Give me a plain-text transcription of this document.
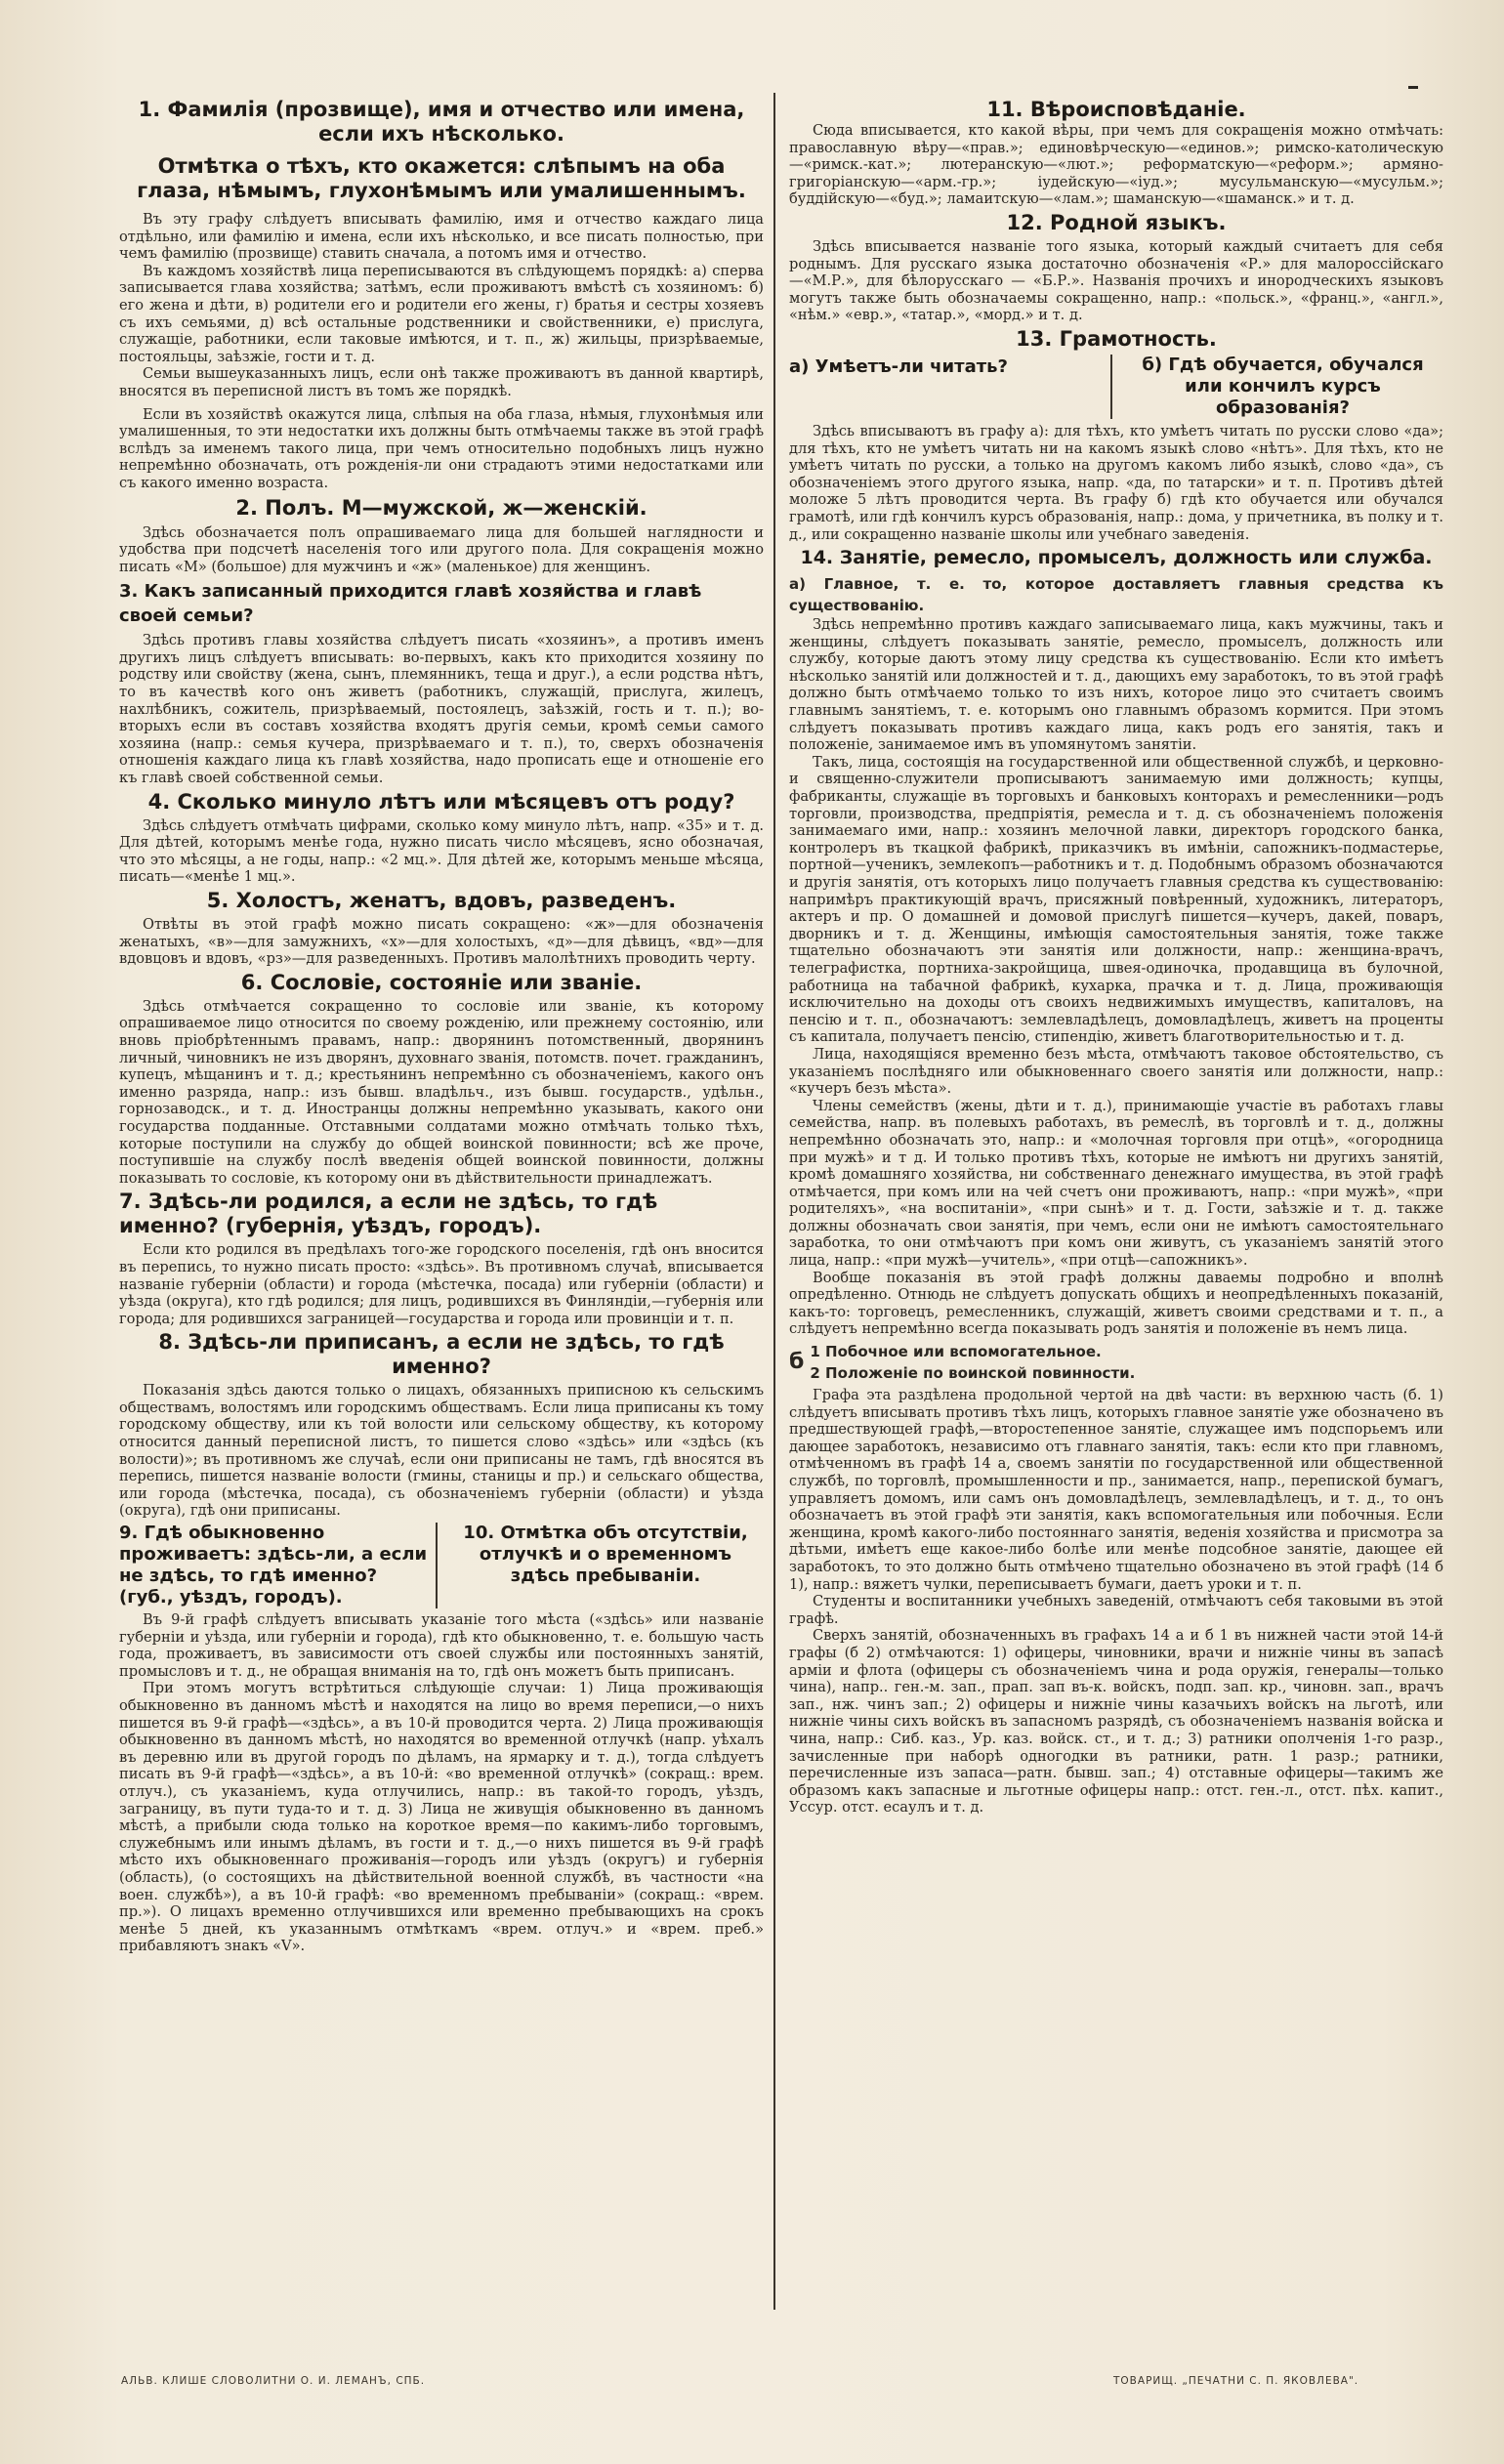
1. Фамилія (прозвище), имя и отчество или имена, если ихъ нѣсколько.
Отмѣтка о тѣхъ, кто окажется: слѣпымъ на оба глаза, нѣмымъ, глухонѣмымъ или умалишеннымъ.

Въ эту графу слѣдуетъ вписывать фамилію, имя и отчество каждаго лица отдѣльно, или фамилію и имена, если ихъ нѣсколько, и все писать полностью, при чемъ фамилію (прозвище) ставить сначала, а потомъ имя и отчество.

Въ каждомъ хозяйствѣ лица переписываются въ слѣдующемъ порядкѣ: а) сперва записывается глава хозяйства; затѣмъ, если проживаютъ вмѣстѣ съ хозяиномъ: б) его жена и дѣти, в) родители его и родители его жены, г) братья и сестры хозяевъ съ ихъ семьями, д) всѣ остальные родственники и свойственники, е) прислуга, служащіе, работники, если таковые имѣются, и т. п., ж) жильцы, призрѣваемые, постояльцы, заѣзжіе, гости и т. д.

Семьи вышеуказанныхъ лицъ, если онѣ также проживаютъ въ данной квартирѣ, вносятся въ переписной листъ въ томъ же порядкѣ.

Если въ хозяйствѣ окажутся лица, слѣпыя на оба глаза, нѣмыя, глухонѣмыя или умалишенныя, то эти недостатки ихъ должны быть отмѣчаемы также въ этой графѣ вслѣдъ за именемъ такого лица, при чемъ относительно подобныхъ лицъ нужно непремѣнно обозначать, отъ рожденія-ли они страдаютъ этими недостатками или съ какого именно возраста.

2. Полъ. М—мужской, ж—женскій.

Здѣсь обозначается полъ опрашиваемаго лица для большей наглядности и удобства при подсчетѣ населенія того или другого пола. Для сокращенія можно писать «М» (большое) для мужчинъ и «ж» (маленькое) для женщинъ.

3. Какъ записанный приходится главѣ хозяйства и главѣ своей семьи?

Здѣсь противъ главы хозяйства слѣдуетъ писать «хозяинъ», а противъ именъ другихъ лицъ слѣдуетъ вписывать: во-первыхъ, какъ кто приходится хозяину по родству или свойству (жена, сынъ, племянникъ, теща и друг.), а если родства нѣтъ, то въ качествѣ кого онъ живетъ (работникъ, служащій, прислуга, жилецъ, нахлѣбникъ, сожитель, призрѣваемый, постоялецъ, заѣзжій, гость и т. п.); во-вторыхъ если въ составъ хозяйства входятъ другія семьи, кромѣ семьи самого хозяина (напр.: семья кучера, призрѣваемаго и т. п.), то, сверхъ обозначенія отношенія каждаго лица къ главѣ хозяйства, надо прописать еще и отношеніе его къ главѣ своей собственной семьи.

4. Сколько минуло лѣтъ или мѣсяцевъ отъ роду?

Здѣсь слѣдуетъ отмѣчать цифрами, сколько кому минуло лѣтъ, напр. «35» и т. д. Для дѣтей, которымъ менѣе года, нужно писать число мѣсяцевъ, ясно обозначая, что это мѣсяцы, а не годы, напр.: «2 мц.». Для дѣтей же, которымъ меньше мѣсяца, писать—«менѣе 1 мц.».

5. Холостъ, женатъ, вдовъ, разведенъ.

Отвѣты въ этой графѣ можно писать сокращено: «ж»—для обозначенія женатыхъ, «в»—для замужнихъ, «х»—для холостыхъ, «д»—для дѣвицъ, «вд»—для вдовцовъ и вдовъ, «рз»—для разведенныхъ. Противъ малолѣтнихъ проводить черту.

6. Сословіе, состояніе или званіе.

Здѣсь отмѣчается сокращенно то сословіе или званіе, къ которому опрашиваемое лицо относится по своему рожденію, или прежнему состоянію, или вновь пріобрѣтеннымъ правамъ, напр.: дворянинъ потомственный, дворянинъ личный, чиновникъ не изъ дворянъ, духовнаго званія, потомств. почет. гражданинъ, купецъ, мѣщанинъ и т. д.; крестьянинъ непремѣнно съ обозначеніемъ, какого онъ именно разряда, напр.: изъ бывш. владѣльч., изъ бывш. государств., удѣльн., горнозаводск., и т. д. Иностранцы должны непремѣнно указывать, какого они государства подданные. Отставными солдатами можно отмѣчать только тѣхъ, которые поступили на службу до общей воинской повинности; всѣ же проче, поступившіе на службу послѣ введенія общей воинской повинности, должны показывать то сословіе, къ которому они въ дѣйствительности принадлежатъ.

7. Здѣсь-ли родился, а если не здѣсь, то гдѣ именно? (губернія, уѣздъ, городъ).

Если кто родился въ предѣлахъ того-же городского поселенія, гдѣ онъ вносится въ перепись, то нужно писать просто: «здѣсь». Въ противномъ случаѣ, вписывается названіе губерніи (области) и города (мѣстечка, посада) или губерніи (области) и уѣзда (округа), кто гдѣ родился; для лицъ, родившихся въ Финляндіи,—губернія или города; для родившихся заграницей—государства и города или провинціи и т. п.

8. Здѣсь-ли приписанъ, а если не здѣсь, то гдѣ именно?

Показанія здѣсь даются только о лицахъ, обязанныхъ приписною къ сельскимъ обществамъ, волостямъ или городскимъ обществамъ. Если лица приписаны къ тому городскому обществу, или къ той волости или сельскому обществу, къ которому относится данный переписной листъ, то пишется слово «здѣсь» или «здѣсь (къ волости)»; въ противномъ же случаѣ, если они приписаны не тамъ, гдѣ вносятся въ перепись, пишется названіе волости (гмины, станицы и пр.) и сельскаго общества, или города (мѣстечка, посада), съ обозначеніемъ губерніи (области) и уѣзда (округа), гдѣ они приписаны.

9. Гдѣ обыкновенно проживаетъ: здѣсь-ли, а если не здѣсь, то гдѣ именно? (губ., уѣздъ, городъ).
10. Отмѣтка объ отсутствіи, отлучкѣ и о временномъ здѣсь пребываніи.

Въ 9-й графѣ слѣдуетъ вписывать указаніе того мѣста («здѣсь» или названіе губерніи и уѣзда, или губерніи и города), гдѣ кто обыкновенно, т. е. большую часть года, проживаетъ, въ зависимости отъ своей службы или постоянныхъ занятій, промысловъ и т. д., не обращая вниманія на то, гдѣ онъ можетъ быть приписанъ.

При этомъ могутъ встрѣтиться слѣдующіе случаи: 1) Лица проживающія обыкновенно въ данномъ мѣстѣ и находятся на лицо во время переписи,—о нихъ пишется въ 9-й графѣ—«здѣсь», а въ 10-й проводится черта. 2) Лица проживающія обыкновенно въ данномъ мѣстѣ, но находятся во временной отлучкѣ (напр. уѣхалъ въ деревню или въ другой городъ по дѣламъ, на ярмарку и т. д.), тогда слѣдуетъ писать въ 9-й графѣ—«здѣсь», а въ 10-й: «во временной отлучкѣ» (сокращ.: врем. отлуч.), съ указаніемъ, куда отлучились, напр.: въ такой-то городъ, уѣздъ, заграницу, въ пути туда-то и т. д. 3) Лица не живущія обыкновенно въ данномъ мѣстѣ, а прибыли сюда только на короткое время—по какимъ-либо торговымъ, служебнымъ или инымъ дѣламъ, въ гости и т. д.,—о нихъ пишется въ 9-й графѣ мѣсто ихъ обыкновеннаго проживанія—городъ или уѣздъ (округъ) и губернія (область), (о состоящихъ на дѣйствительной военной службѣ, въ частности «на воен. службѣ»), а въ 10-й графѣ: «во временномъ пребываніи» (сокращ.: «врем. пр.»). О лицахъ временно отлучившихся или временно пребывающихъ на срокъ менѣе 5 дней, къ указаннымъ отмѣткамъ «врем. отлуч.» и «врем. преб.» прибавляютъ знакъ «V».

11. Вѣроисповѣданіе.

Сюда вписывается, кто какой вѣры, при чемъ для сокращенія можно отмѣчать: православную вѣру—«прав.»; единовѣрческую—«единов.»; римско-католическую—«римск.-кат.»; лютеранскую—«лют.»; реформатскую—«реформ.»; армяно-григоріанскую—«арм.-гр.»; іудейскую—«іуд.»; мусульманскую—«мусульм.»; буддійскую—«буд.»; ламаитскую—«лам.»; шаманскую—«шаманск.» и т. д.

12. Родной языкъ.

Здѣсь вписывается названіе того языка, который каждый считаетъ для себя роднымъ. Для русскаго языка достаточно обозначенія «Р.» для малороссійскаго—«М.Р.», для бѣлорусскаго — «Б.Р.». Названія прочихъ и инородческихъ языковъ могутъ также быть обозначаемы сокращенно, напр.: «польск.», «франц.», «англ.», «нѣм.» «евр.», «татар.», «морд.» и т. д.

13. Грамотность.
а) Умѣетъ-ли читать?	б) Гдѣ обучается, обучался или кончилъ курсъ образованія?

Здѣсь вписываютъ въ графу а): для тѣхъ, кто умѣетъ читать по русски слово «да»; для тѣхъ, кто не умѣетъ читать ни на какомъ языкѣ слово «нѣтъ». Для тѣхъ, кто не умѣетъ читать по русски, а только на другомъ какомъ либо языкѣ, слово «да», съ обозначеніемъ этого другого языка, напр. «да, по татарски» и т. п. Противъ дѣтей моложе 5 лѣтъ проводится черта. Въ графу б) гдѣ кто обучается или обучался грамотѣ, или гдѣ кончилъ курсъ образованія, напр.: дома, у причетника, въ полку и т. д., или сокращенно названіе школы или учебнаго заведенія.

14. Занятіе, ремесло, промыселъ, должность или служба.

а) Главное, т. е. то, которое доставляетъ главныя средства къ существованію.

Здѣсь непремѣнно противъ каждаго записываемаго лица, какъ мужчины, такъ и женщины, слѣдуетъ показывать занятіе, ремесло, промыселъ, должность или службу, которые даютъ этому лицу средства къ существованію. Если кто имѣетъ нѣсколько занятій или должностей и т. д., дающихъ ему заработокъ, то въ этой графѣ должно быть отмѣчаемо только то изъ нихъ, которое лицо это считаетъ своимъ главнымъ занятіемъ, т. е. которымъ оно главнымъ образомъ кормится. При этомъ слѣдуетъ показывать противъ каждаго лица, какъ родъ его занятія, такъ и положеніе, занимаемое имъ въ упомянутомъ занятіи.

Такъ, лица, состоящія на государственной или общественной службѣ, и церковно-и священно-служители прописываютъ занимаемую ими должность; купцы, фабриканты, служащіе въ торговыхъ и банковыхъ конторахъ и ремесленники—родъ торговли, производства, предпріятія, ремесла и т. д. съ обозначеніемъ положенія занимаемаго ими, напр.: хозяинъ мелочной лавки, директоръ городского банка, контролеръ въ ткацкой фабрикѣ, приказчикъ въ имѣніи, сапожникъ-подмастерье, портной—ученикъ, землекопъ—работникъ и т. д. Подобнымъ образомъ обозначаются и другія занятія, отъ которыхъ лицо получаетъ главныя средства къ существованію: напримѣръ практикующій врачъ, присяжный повѣренный, художникъ, литераторъ, актеръ и пр. О домашней и домовой прислугѣ пишется—кучеръ, дакей, поваръ, дворникъ и т. д. Женщины, имѣющія самостоятельныя занятія, тоже также тщательно обозначаютъ эти занятія или должности, напр.: женщина-врачъ, телеграфистка, портниха-закройщица, швея-одиночка, продавщица въ булочной, работница на табачной фабрикѣ, кухарка, прачка и т. д. Лица, проживающія исключительно на доходы отъ своихъ недвижимыхъ имуществъ, капиталовъ, на пенсію и т. п., обозначаютъ: землевладѣлецъ, домовладѣлецъ, живетъ на проценты съ капитала, получаетъ пенсію, стипендію, живетъ благотворительностью и т. д.

Лица, находящіяся временно безъ мѣста, отмѣчаютъ таковое обстоятельство, съ указаніемъ послѣдняго или обыкновеннаго своего занятія или должности, напр.: «кучеръ безъ мѣста».

Члены семействъ (жены, дѣти и т. д.), принимающіе участіе въ работахъ главы семейства, напр. въ полевыхъ работахъ, въ ремеслѣ, въ торговлѣ и т. д., должны непремѣнно обозначать это, напр.: и «молочная торговля при отцѣ», «огородница при мужѣ» и т д. И только противъ тѣхъ, которые не имѣютъ ни другихъ занятій, кромѣ домашняго хозяйства, ни собственнаго денежнаго имущества, въ этой графѣ отмѣчается, при комъ или на чей счетъ они проживаютъ, напр.: «при мужѣ», «при родителяхъ», «на воспитаніи», «при сынѣ» и т. д. Гости, заѣзжіе и т. д. также должны обозначать свои занятія, при чемъ, если они не имѣютъ самостоятельнаго заработка, то они отмѣчаютъ при комъ они живутъ, съ указаніемъ занятій этого лица, напр.: «при мужѣ—учитель», «при отцѣ—сапожникъ».

Вообще показанія въ этой графѣ должны даваемы подробно и вполнѣ опредѣленно. Отнюдь не слѣдуетъ допускать общихъ и неопредѣленныхъ показаній, какъ-то: торговецъ, ремесленникъ, служащій, живетъ своими средствами и т. п., а слѣдуетъ непремѣнно всегда показывать родъ занятія и положеніе въ немъ лица.

б 1 Побочное или вспомогательное.
2 Положеніе по воинской повинности.

Графа эта раздѣлена продольной чертой на двѣ части: въ верхнюю часть (б. 1) слѣдуетъ вписывать противъ тѣхъ лицъ, которыхъ главное занятіе уже обозначено въ предшествующей графѣ,—второстепенное занятіе, служащее имъ подспорьемъ или дающее заработокъ, независимо отъ главнаго занятія, такъ: если кто при главномъ, отмѣченномъ въ графѣ 14 а, своемъ занятіи по государственной или общественной службѣ, по торговлѣ, промышленности и пр., занимается, напр., перепиской бумагъ, управляетъ домомъ, или самъ онъ домовладѣлецъ, землевладѣлецъ, и т. д., то онъ обозначаетъ въ этой графѣ эти занятія, какъ вспомогательныя или побочныя. Если женщина, кромѣ какого-либо постояннаго занятія, веденія хозяйства и присмотра за дѣтьми, имѣетъ еще какое-либо болѣе или менѣе подсобное занятіе, дающее ей заработокъ, то это должно быть отмѣчено тщательно обозначено въ этой графѣ (14 б 1), напр.: вяжетъ чулки, переписываетъ бумаги, даетъ уроки и т. п.

Студенты и воспитанники учебныхъ заведеній, отмѣчаютъ себя таковыми въ этой графѣ.

Сверхъ занятій, обозначенныхъ въ графахъ 14 а и б 1 въ нижней части этой 14-й графы (б 2) отмѣчаются: 1) офицеры, чиновники, врачи и нижніе чины въ запасѣ арміи и флота (офицеры съ обозначеніемъ чина и рода оружія, генералы—только чина), напр.. ген.-м. зап., прап. зап въ-к. войскъ, подп. зап. кр., чиновн. зап., врачъ зап., нж. чинъ зап.; 2) офицеры и нижніе чины казачьихъ войскъ на льготѣ, или нижніе чины сихъ войскъ въ запасномъ разрядѣ, съ обозначеніемъ названія войска и чина, напр.: Сиб. каз., Ур. каз. войск. ст., и т. д.; 3) ратники ополченія 1-го разр., зачисленные при наборѣ одногодки въ ратники, ратн. 1 разр.; ратники, перечисленные изъ запаса—ратн. бывш. зап.; 4) отставные офицеры—такимъ же образомъ какъ запасные и льготные офицеры напр.: отст. ген.-л., отст. пѣх. капит., Уссур. отст. есаулъ и т. д.

АЛЬВ. КЛИШЕ СЛОВОЛИТНИ О. И. ЛЕМАНЪ, СПБ.	ТОВАРИЩ. „ПЕЧАТНИ С. П. ЯКОВЛЕВА".
